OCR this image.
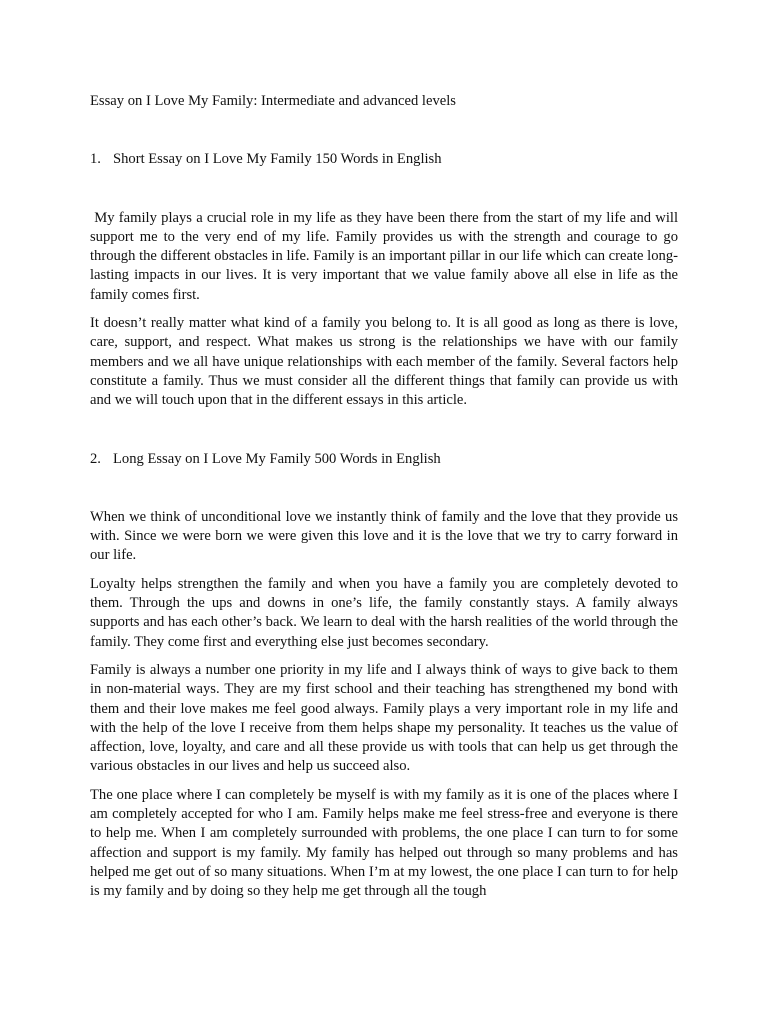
Essay on I Love My Family: Intermediate and advanced levels

1. Short Essay on I Love My Family 150 Words in English

My family plays a crucial role in my life as they have been there from the start of my life and will support me to the very end of my life. Family provides us with the strength and courage to go through the different obstacles in life. Family is an important pillar in our life which can create long-lasting impacts in our lives. It is very important that we value family above all else in life as the family comes first.

It doesn’t really matter what kind of a family you belong to. It is all good as long as there is love, care, support, and respect. What makes us strong is the relationships we have with our family members and we all have unique relationships with each member of the family. Several factors help constitute a family. Thus we must consider all the different things that family can provide us with and we will touch upon that in the different essays in this article.

2. Long Essay on I Love My Family 500 Words in English

When we think of unconditional love we instantly think of family and the love that they provide us with. Since we were born we were given this love and it is the love that we try to carry forward in our life.

Loyalty helps strengthen the family and when you have a family you are completely devoted to them. Through the ups and downs in one’s life, the family constantly stays. A family always supports and has each other’s back. We learn to deal with the harsh realities of the world through the family. They come first and everything else just becomes secondary.

Family is always a number one priority in my life and I always think of ways to give back to them in non-material ways. They are my first school and their teaching has strengthened my bond with them and their love makes me feel good always. Family plays a very important role in my life and with the help of the love I receive from them helps shape my personality. It teaches us the value of affection, love, loyalty, and care and all these provide us with tools that can help us get through the various obstacles in our lives and help us succeed also.

The one place where I can completely be myself is with my family as it is one of the places where I am completely accepted for who I am. Family helps make me feel stress-free and everyone is there to help me. When I am completely surrounded with problems, the one place I can turn to for some affection and support is my family. My family has helped out through so many problems and has helped me get out of so many situations. When I’m at my lowest, the one place I can turn to for help is my family and by doing so they help me get through all the tough
